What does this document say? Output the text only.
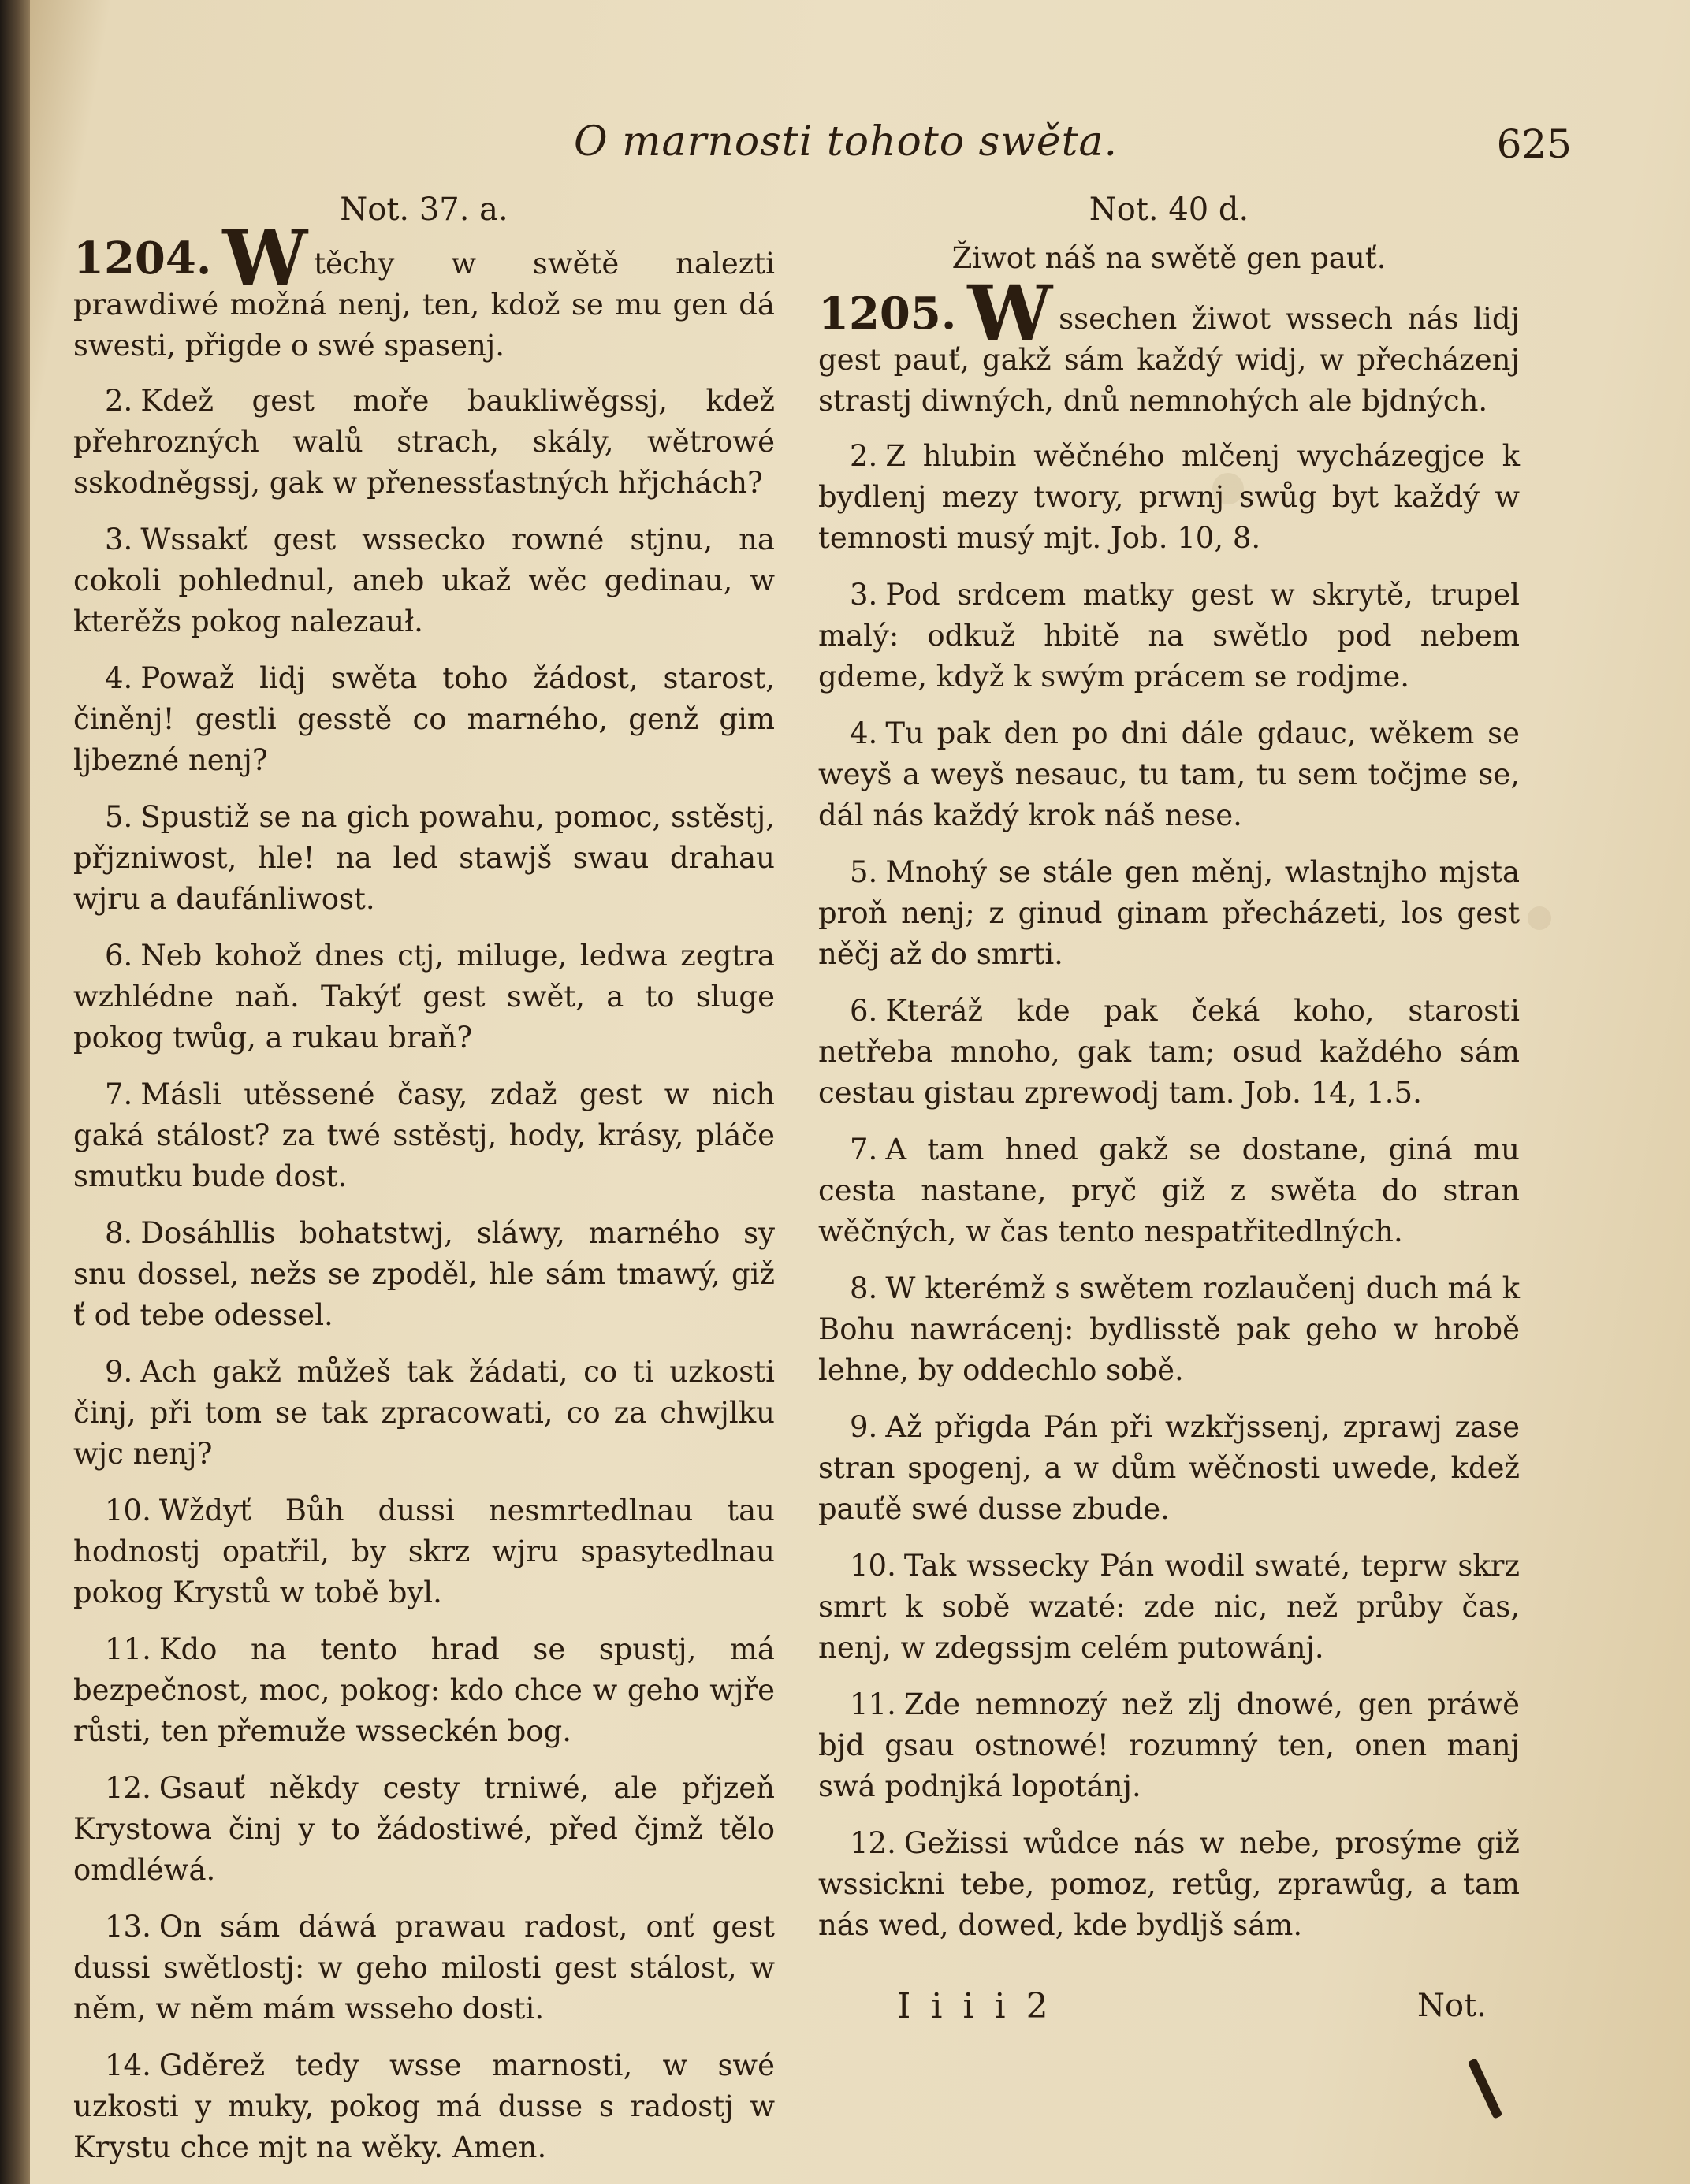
O marnosti tohoto swěta.	625
Not. 37. a.

1204. W těchy w swětě nalezti prawdiwé možná nenj, ten, kdož se mu gen dá swesti, přigde o swé spasenj.

2. Kdež gest moře baukliwěgssj, kdež přehrozných walů strach, skály, wětrowé sskodněgssj, gak w přenessťastných hřjchách?

3. Wssakť gest wssecko rowné stjnu, na cokoli pohlednul, aneb ukaž wěc gedinau, w kterěžs pokog nalezauł.

4. Powaž lidj swěta toho žádost, starost, činěnj! gestli gesstě co marného, genž gim ljbezné nenj?

5. Spustiž se na gich powahu, pomoc, sstěstj, přjzniwost, hle! na led stawjš swau drahau wjru a daufánliwost.

6. Neb kohož dnes ctj, miluge, ledwa zegtra wzhlédne naň. Takýť gest swět, a to sluge pokog twůg, a rukau braň?

7. Másli utěssené časy, zdaž gest w nich gaká stálost? za twé sstěstj, hody, krásy, pláče smutku bude dost.

8. Dosáhllis bohatstwj, sláwy, marného sy snu dossel, nežs se zpoděl, hle sám tmawý, giž ť od tebe odessel.

9. Ach gakž můžeš tak žádati, co ti uzkosti činj, při tom se tak zpracowati, co za chwjlku wjc nenj?

10. Wždyť Bůh dussi nesmrtedlnau tau hodnostj opatřil, by skrz wjru spasytedlnau pokog Krystů w tobě byl.

11. Kdo na tento hrad se spustj, má bezpečnost, moc, pokog: kdo chce w geho wjře růsti, ten přemuže wsseckén bog.

12. Gsauť někdy cesty trniwé, ale přjzeň Krystowa činj y to žádostiwé, před čjmž tělo omdléwá.

13. On sám dáwá prawau radost, onť gest dussi swětlostj: w geho milosti gest stálost, w něm, w něm mám wsseho dosti.

14. Gděrež tedy wsse marnosti, w swé uzkosti y muky, pokog má dusse s radostj w Krystu chce mjt na wěky. Amen.

Not. 40 d.
Žiwot náš na swětě gen pauť.

1205. W ssechen žiwot wssech nás lidj gest pauť, gakž sám každý widj, w přecházenj strastj diwných, dnů nemnohých ale bjdných.

2. Z hlubin wěčného mlčenj wycházegjce k bydlenj mezy twory, prwnj swůg byt každý w temnosti musý mjt. Job. 10, 8.

3. Pod srdcem matky gest w skrytě, trupel malý: odkuž hbitě na swětlo pod nebem gdeme, když k swým prácem se rodjme.

4. Tu pak den po dni dále gdauc, wěkem se weyš a weyš nesauc, tu tam, tu sem točjme se, dál nás každý krok náš nese.

5. Mnohý se stále gen měnj, wlastnjho mjsta proň nenj; z ginud ginam přecházeti, los gest něčj až do smrti.

6. Kteráž kde pak čeká koho, starosti netřeba mnoho, gak tam; osud každého sám cestau gistau zprewodj tam. Job. 14, 1.5.

7. A tam hned gakž se dostane, giná mu cesta nastane, pryč giž z swěta do stran wěčných, w čas tento nespatřitedlných.

8. W kterémž s swětem rozlaučenj duch má k Bohu nawrácenj: bydlisstě pak geho w hrobě lehne, by oddechlo sobě.

9. Až přigda Pán při wzkřjssenj, zprawj zase stran spogenj, a w dům wěčnosti uwede, kdež pauťě swé dusse zbude.

10. Tak wssecky Pán wodil swaté, teprw skrz smrt k sobě wzaté: zde nic, než průby čas, nenj, w zdegssjm celém putowánj.

11. Zde nemnozý než zlj dnowé, gen práwě bjd gsau ostnowé! rozumný ten, onen manj swá podnjká lopotánj.

12. Gežissi wůdce nás w nebe, prosýme giž wssickni tebe, pomoz, retůg, zprawůg, a tam nás wed, dowed, kde bydljš sám.

Iiii2	Not.
